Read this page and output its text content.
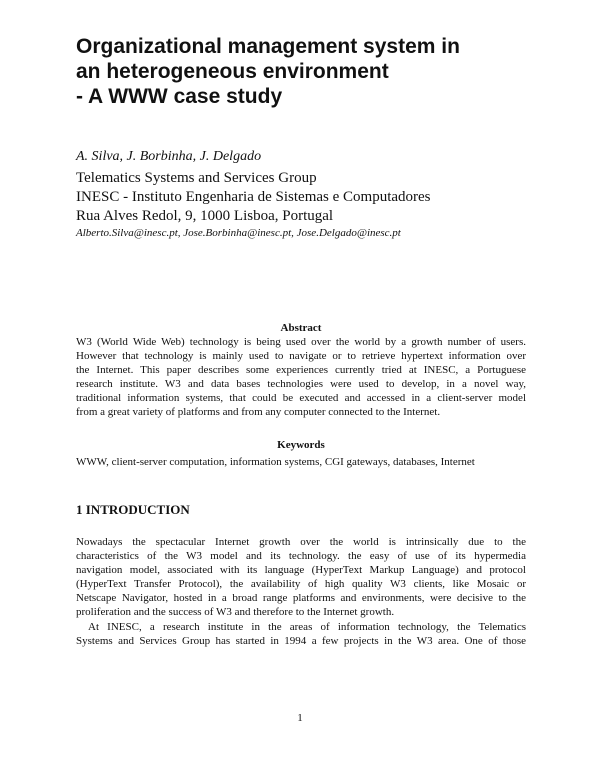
Organizational management system in
an heterogeneous environment
- A WWW case study

A. Silva, J. Borbinha, J. Delgado

Telematics Systems and Services Group
INESC - Instituto Engenharia de Sistemas e Computadores
Rua Alves Redol, 9, 1000 Lisboa, Portugal

Alberto.Silva@inesc.pt, Jose.Borbinha@inesc.pt, Jose.Delgado@inesc.pt

Abstract

W3 (World Wide Web) technology is being used over the world by a growth number of users.
However that technology is mainly used to navigate or to retrieve hypertext information over
the Internet. This paper describes some experiences currently tried at INESC, a Portuguese
research institute. W3 and data bases technologies were used to develop, in a novel way,
traditional information systems, that could be executed and accessed in a client-server model
from a great variety of platforms and from any computer connected to the Internet.

Keywords

WWW, client-server computation, information systems, CGI gateways, databases, Internet

1 INTRODUCTION

Nowadays the spectacular Internet growth over the world is intrinsically due to the
characteristics of the W3 model and its technology. the easy of use of its hypermedia
navigation model, associated with its language (HyperText Markup Language) and protocol
(HyperText Transfer Protocol), the availability of high quality W3 clients, like Mosaic or
Netscape Navigator, hosted in a broad range platforms and environments, were decisive to the
proliferation and the success of W3 and therefore to the Internet growth.

At INESC, a research institute in the areas of information technology, the Telematics
Systems and Services Group has started in 1994 a few projects in the W3 area. One of those

1
